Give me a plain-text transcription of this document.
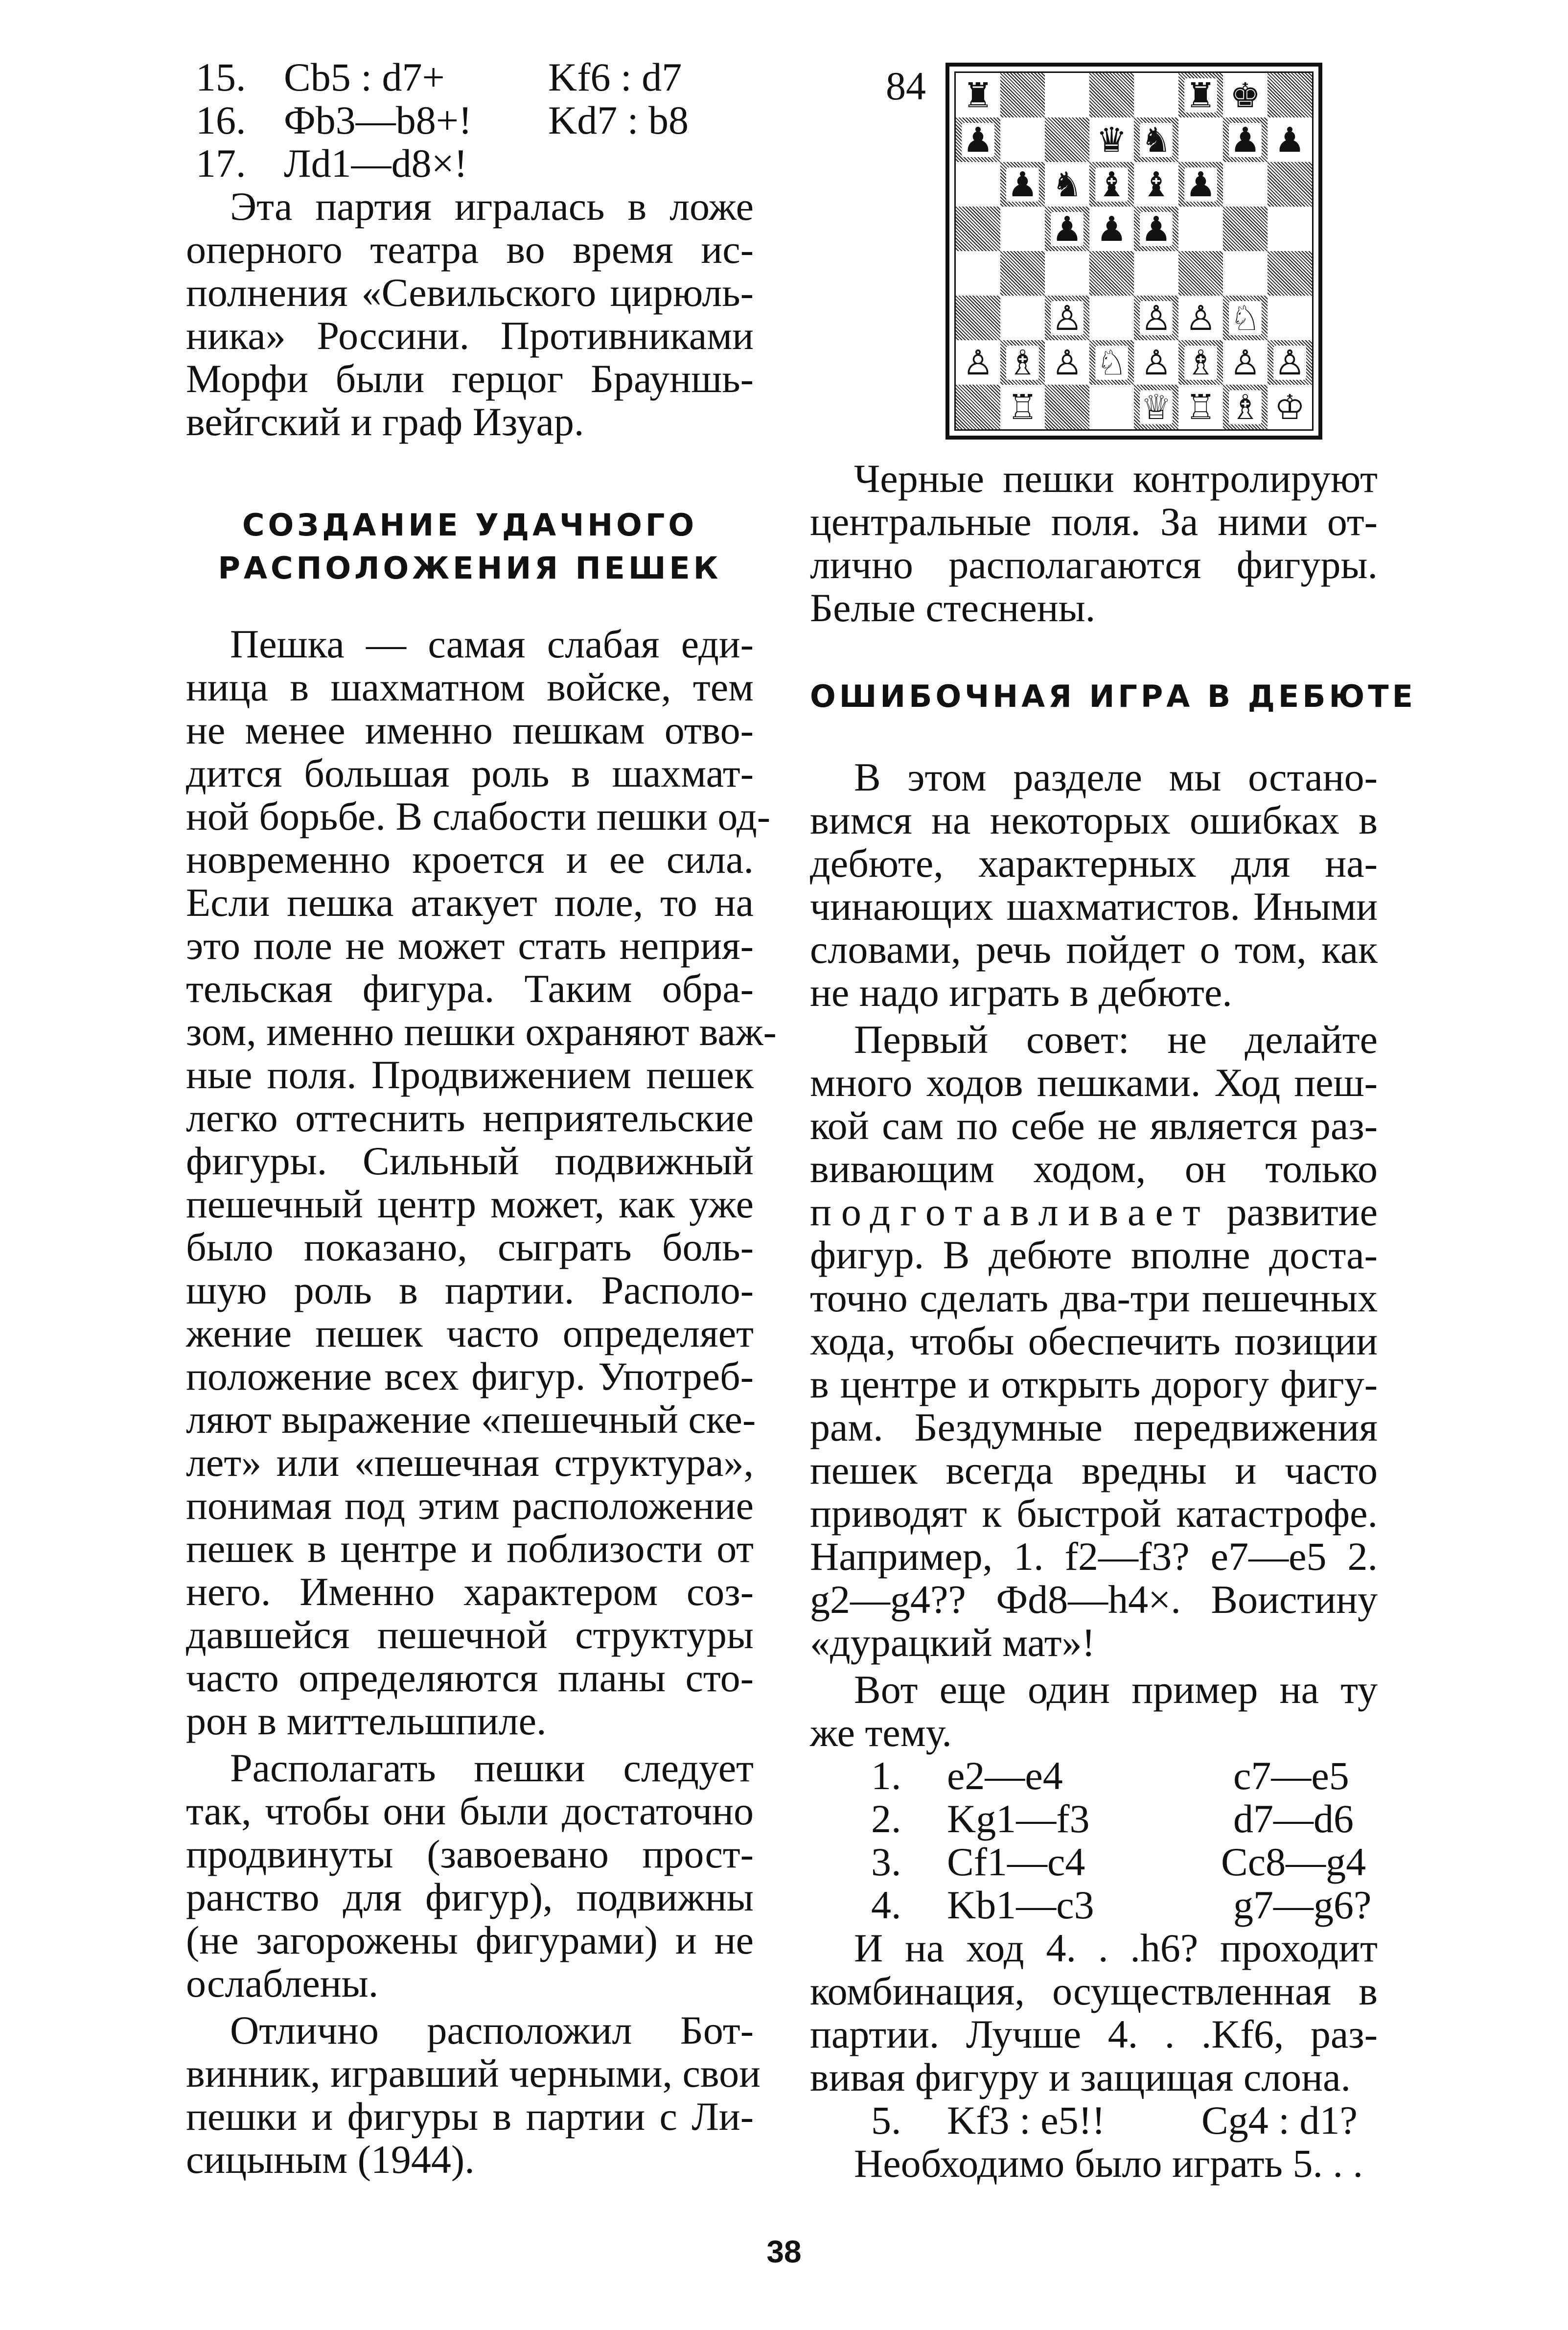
15. Cb5 : d7+	Kf6 : d7
16. Фb3—b8+! Kd7 : b8
17. Лd1—d8×!
Эта партия игралась в ложе
оперного театра во время ис-
полнения «Севильского цирюль-
ника» Россини. Противниками
Морфи были герцог Брауншь-
вейгский и граф Изуар.
СОЗДАНИЕ УДАЧНОГО
РАСПОЛОЖЕНИЯ ПЕШЕК
Пешка — самая слабая еди-
ница в шахматном войске, тем
не менее именно пешкам отво-
дится большая роль в шахмат-
ной борьбе. В слабости пешки од-
новременно кроется и ее сила.
Если пешка атакует поле, то на
это поле не может стать неприя-
тельская фигура. Таким обра-
зом, именно пешки охраняют важ-
ные поля. Продвижением пешек
легко оттеснить неприятельские
фигуры. Сильный подвижный
пешечный центр может, как уже
было показано, сыграть боль-
шую роль в партии. Располо-
жение пешек часто определяет
положение всех фигур. Употреб-
ляют выражение «пешечный ске-
лет» или «пешечная структура»,
понимая под этим расположение
пешек в центре и поблизости от
него. Именно характером соз-
давшейся пешечной структуры
часто определяются планы сто-
рон в миттельшпиле.
Располагать пешки следует
так, чтобы они были достаточно
продвинуты (завоевано прост-
ранство для фигур), подвижны
(не загорожены фигурами) и не
ослаблены.
Отлично расположил Бот-
винник, игравший черными, свои
пешки и фигуры в партии с Ли-
сицыным (1944).
84 ♜	♜ ♚
♟	♛ ♞ ♟ ♟
♟ ♞ ♝ ♝ ♟
♟ ♟ ♟
♙ ♙ ♙ ♘
♙ ♗ ♙ ♘ ♙ ♗ ♙ ♙
♖	♕ ♖ ♗ ♔
Черные пешки контролируют
центральные поля. За ними от-
лично располагаются фигуры.
Белые стеснены.
ОШИБОЧНАЯ ИГРА В ДЕБЮТЕ
В этом разделе мы остано-
вимся на некоторых ошибках в
дебюте, характерных для на-
чинающих шахматистов. Иными
словами, речь пойдет о том, как
не надо играть в дебюте.
Первый совет: не делайте
много ходов пешками. Ход пеш-
кой сам по себе не является раз-
вивающим ходом, он только
подготавливает развитие
фигур. В дебюте вполне доста-
точно сделать два-три пешечных
хода, чтобы обеспечить позиции
в центре и открыть дорогу фигу-
рам. Бездумные передвижения
пешек всегда вредны и часто
приводят к быстрой катастрофе.
Например, 1. f2—f3? e7—e5 2.
g2—g4?? Фd8—h4×. Воистину
«дурацкий мат»!
Вот еще один пример на ту
же тему.
1. e2—e4	c7—e5
2. Kg1—f3	d7—d6
3. Cf1—c4	Cc8—g4
4. Kb1—c3	g7—g6?
И на ход 4. . .h6? проходит
комбинация, осуществленная в
партии. Лучше 4. . .Kf6, раз-
вивая фигуру и защищая слона.
5. Kf3 : e5!! Cg4 : d1?
Необходимо было играть 5. . .
38
